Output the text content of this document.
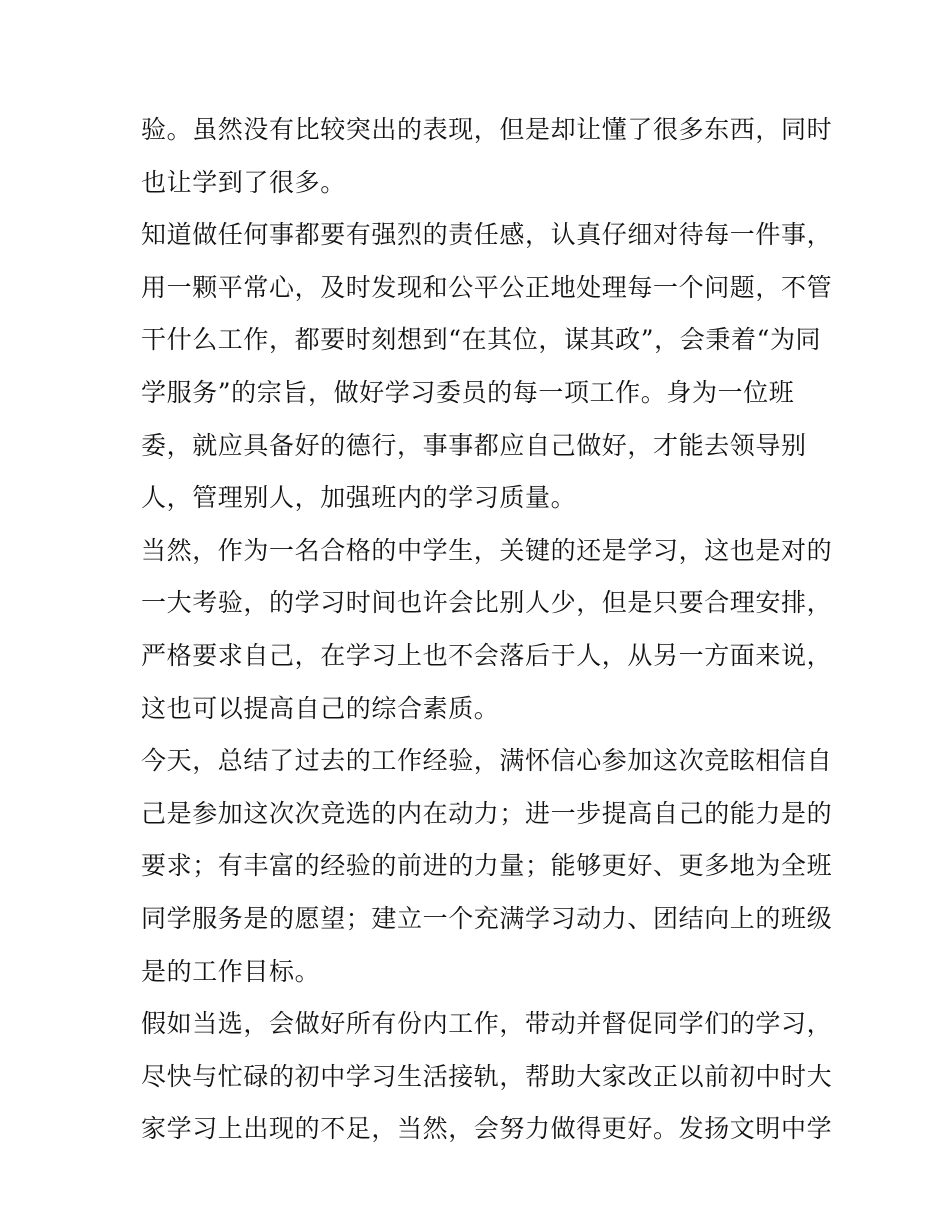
验。虽然没有比较突出的表现，但是却让懂了很多东西，同时
也让学到了很多。
知道做任何事都要有强烈的责任感，认真仔细对待每一件事，
用一颗平常心，及时发现和公平公正地处理每一个问题，不管
干什么工作，都要时刻想到“在其位，谋其政”，会秉着“为同
学服务”的宗旨，做好学习委员的每一项工作。身为一位班
委，就应具备好的德行，事事都应自己做好，才能去领导别
人，管理别人，加强班内的学习质量。
当然，作为一名合格的中学生，关键的还是学习，这也是对的
一大考验，的学习时间也许会比别人少，但是只要合理安排，
严格要求自己，在学习上也不会落后于人，从另一方面来说，
这也可以提高自己的综合素质。
今天，总结了过去的工作经验，满怀信心参加这次竞眩相信自
己是参加这次次竞选的内在动力；进一步提高自己的能力是的
要求；有丰富的经验的前进的力量；能够更好、更多地为全班
同学服务是的愿望；建立一个充满学习动力、团结向上的班级
是的工作目标。
假如当选，会做好所有份内工作，带动并督促同学们的学习，
尽快与忙碌的初中学习生活接轨，帮助大家改正以前初中时大
家学习上出现的不足，当然，会努力做得更好。发扬文明中学
